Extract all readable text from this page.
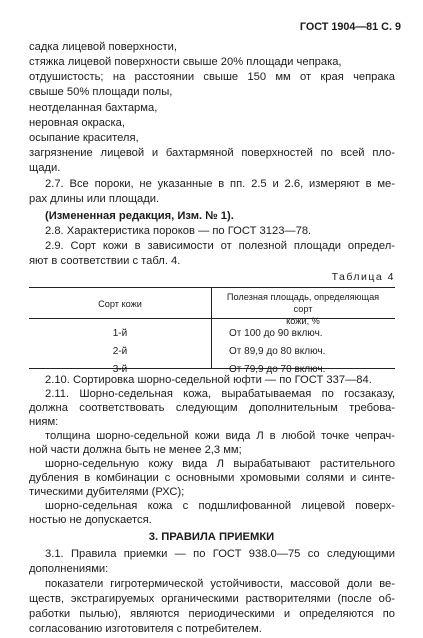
ГОСТ 1904—81 С. 9
садка лицевой поверхности,
стяжка лицевой поверхности свыше 20% площади чепрака,
отдушистость; на расстоянии свыше 150 мм от края чепрака
свыше 50% площади полы,
неотделанная бахтарма,
неровная окраска,
осыпание красителя,
загрязнение лицевой и бахтармяной поверхностей по всей пло-
щади.
2.7. Все пороки, не указанные в пп. 2.5 и 2.6, измеряют в ме-
рах длины или площади.
(Измененная редакция, Изм. № 1).
2.8. Характеристика пороков — по ГОСТ 3123—78.
2.9. Сорт кожи в зависимости от полезной площади определ-
яют в соответствии с табл. 4.
Таблица 4
Сорт кожи
Полезная площадь, определяющая сорт
кожи, %
1-й	От 100 до 90 включ.
2-й	От 89,9 до 80 включ.
3-й	От 79,9 до 70 включ.
2.10. Сортировка шорно-седельной юфти — по ГОСТ 337—84.
2.11. Шорно-седельная кожа, вырабатываемая по госзаказу,
должна соответствовать следующим дополнительным требова-
ниям:
толщина шорно-седельной кожи вида Л в любой точке чепрач-
ной части должна быть не менее 2,3 мм;
шорно-седельную кожу вида Л вырабатывают растительного
дубления в комбинации с основными хромовыми солями и синте-
тическими дубителями (РХС);
шорно-седельная кожа с подшлифованной лицевой поверх-
ностью не допускается.
3. ПРАВИЛА ПРИЕМКИ
3.1. Правила приемки — по ГОСТ 938.0—75 со следующими
дополнениями:
показатели гигротермической устойчивости, массовой доли ве-
ществ, экстрагируемых органическими растворителями (после об-
работки пылью), являются периодическими и определяются по
согласованию изготовителя с потребителем.
